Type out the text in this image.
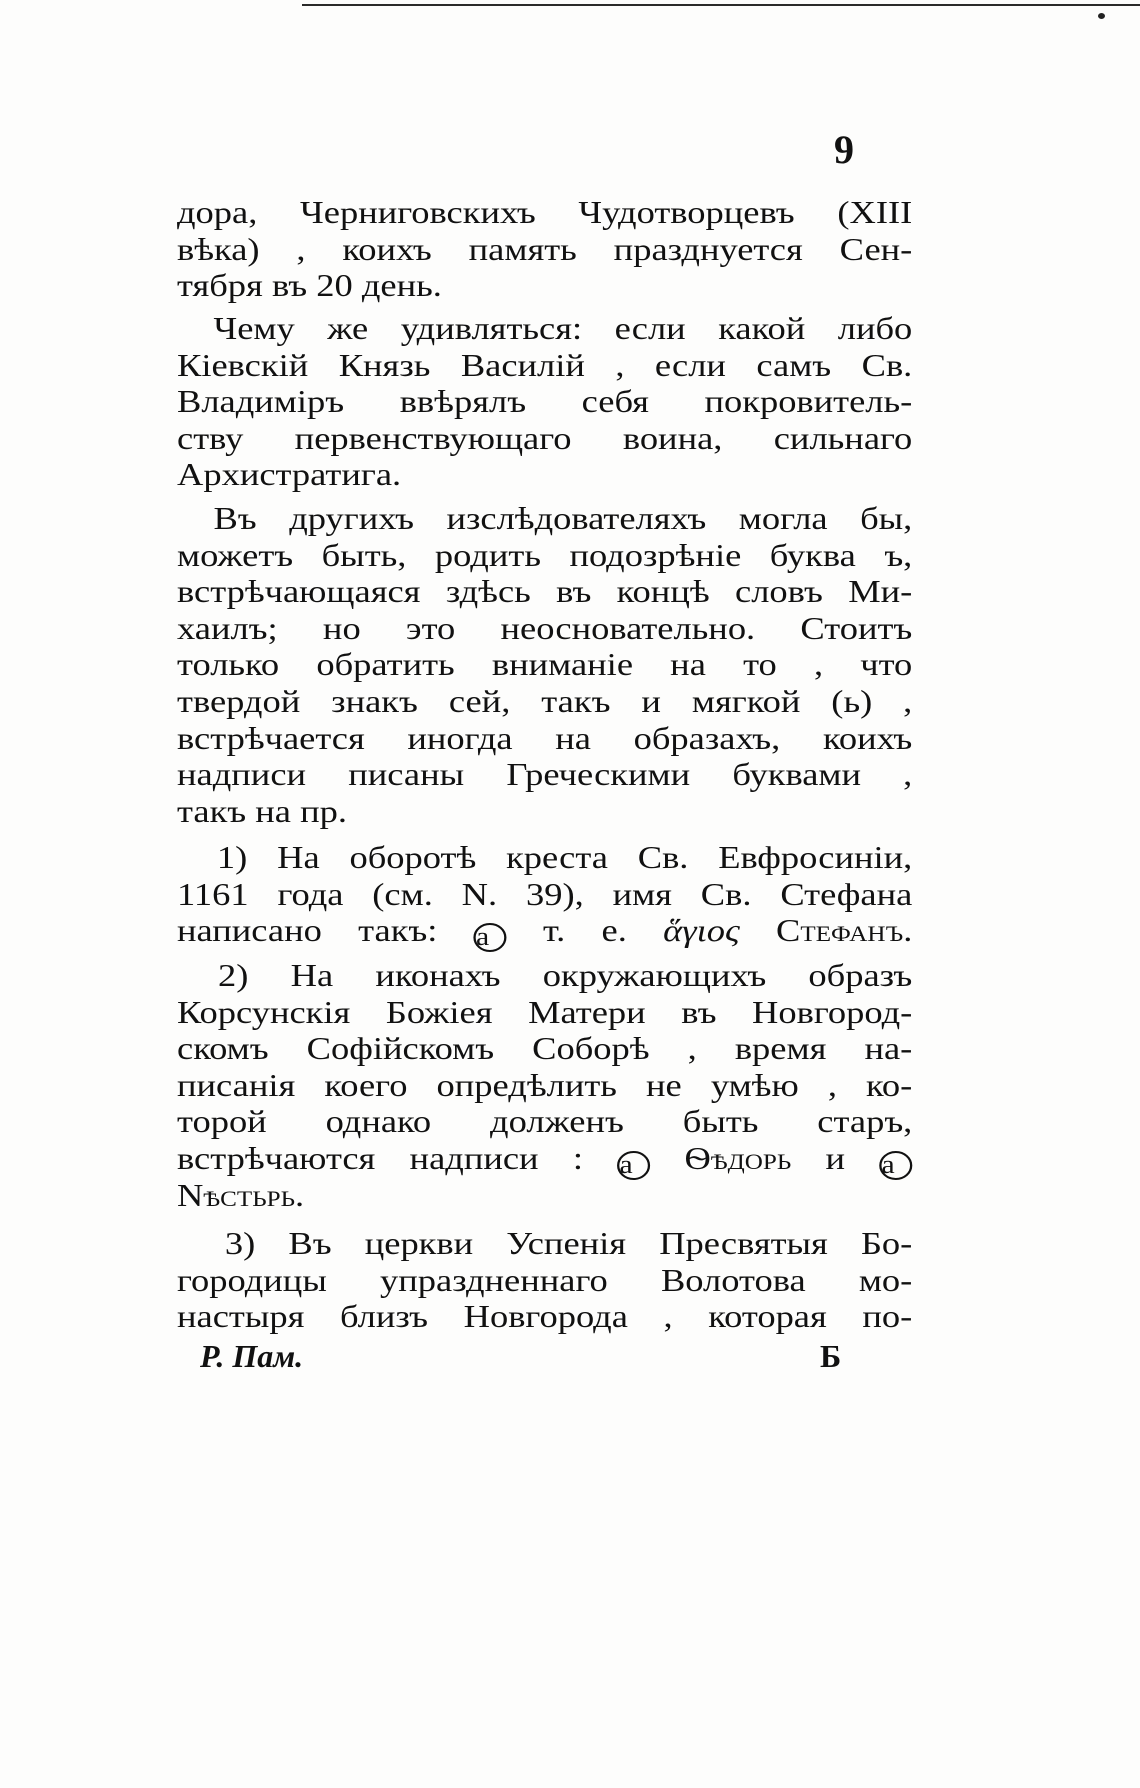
9
дора, Черниговскихъ Чудотворцевъ (XIII
вѣка) , коихъ память празднуется Сен-
тября въ 20 день.
Чему же удивляться: если какой либо
Кіевскій Князь Василій , если самъ Св.
Владиміръ ввѣрялъ себя покровитель-
ству первенствующаго воина, сильнаго
Архистратига.
Въ другихъ изслѣдователяхъ могла бы,
можетъ быть, родить подозрѣніе буква ъ,
встрѣчающаяся здѣсь въ концѣ словъ Ми-
хаилъ; но это неосновательно. Стоитъ
только обратить вниманіе на то , что
твердой знакъ сей, такъ и мягкой (ь) ,
встрѣчается иногда на образахъ, коихъ
надписи писаны Греческими буквами ,
такъ на пр.
1) На оборотѣ креста Св. Евфросиніи,
1161 года (см. N. 39), имя Св. Стефана
написано такъ: а т. е. ἅγιος Стефанъ.
2) На иконахъ окружающихъ образъ
Корсунскія Божіея Матери въ Новгород-
скомъ Софійскомъ Соборѣ , время на-
писанія коего опредѣлить не умѣю , ко-
торой однако долженъ быть старъ,
встрѣчаются надписи : а Ѳѣдорь и а
Nѣстьрь.
3) Въ церкви Успенія Пресвятыя Бо-
городицы упраздненнаго Волотова мо-
настыря близъ Новгорода , которая по-
Р. Пам.	Б
